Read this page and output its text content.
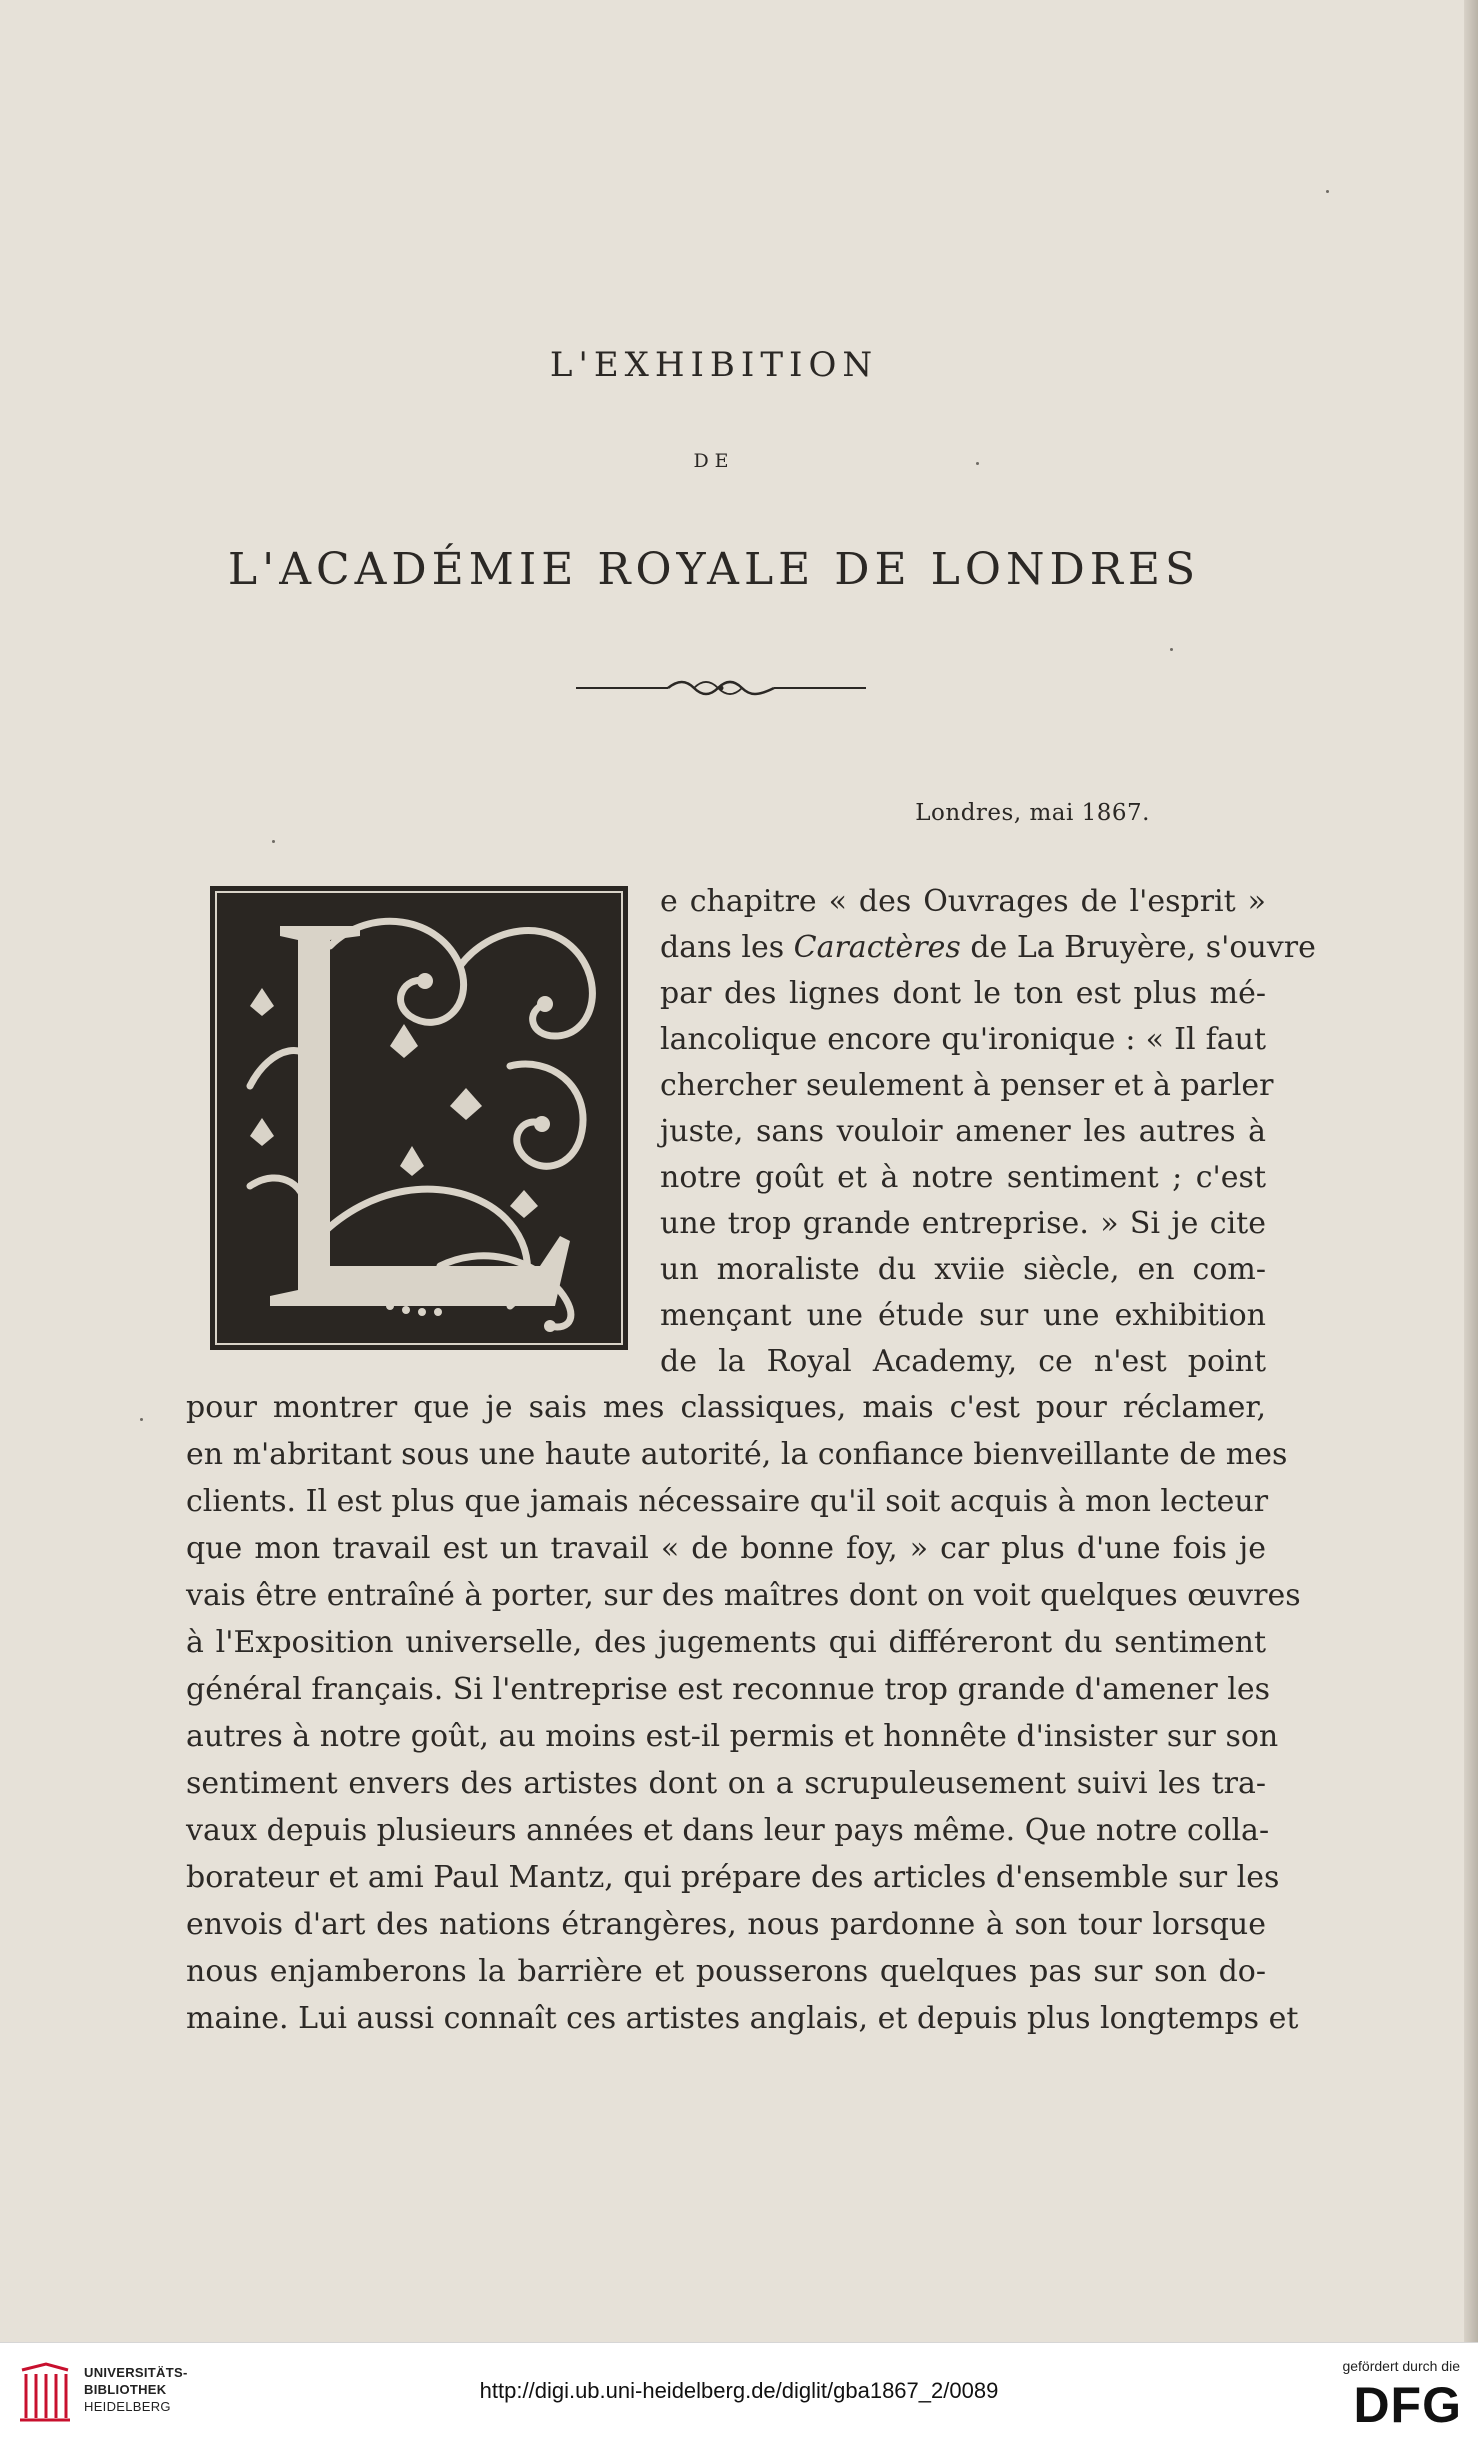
L'EXHIBITION
DE
L'ACADÉMIE ROYALE DE LONDRES
Londres, mai 1867.
e chapitre « des Ouvrages de l'esprit »
dans les Caractères de La Bruyère, s'ouvre
par des lignes dont le ton est plus mé-
lancolique encore qu'ironique : « Il faut
chercher seulement à penser et à parler
juste, sans vouloir amener les autres à
notre goût et à notre sentiment ; c'est
une trop grande entreprise. » Si je cite
un moraliste du xviie siècle, en com-
mençant une étude sur une exhibition
de la Royal Academy, ce n'est point
pour montrer que je sais mes classiques, mais c'est pour réclamer,
en m'abritant sous une haute autorité, la confiance bienveillante de mes
clients. Il est plus que jamais nécessaire qu'il soit acquis à mon lecteur
que mon travail est un travail « de bonne foy, » car plus d'une fois je
vais être entraîné à porter, sur des maîtres dont on voit quelques œuvres
à l'Exposition universelle, des jugements qui différeront du sentiment
général français. Si l'entreprise est reconnue trop grande d'amener les
autres à notre goût, au moins est-il permis et honnête d'insister sur son
sentiment envers des artistes dont on a scrupuleusement suivi les tra-
vaux depuis plusieurs années et dans leur pays même. Que notre colla-
borateur et ami Paul Mantz, qui prépare des articles d'ensemble sur les
envois d'art des nations étrangères, nous pardonne à son tour lorsque
nous enjamberons la barrière et pousserons quelques pas sur son do-
maine. Lui aussi connaît ces artistes anglais, et depuis plus longtemps et
UNIVERSITÄTS-
BIBLIOTHEK
HEIDELBERG
http://digi.ub.uni-heidelberg.de/diglit/gba1867_2/0089
gefördert durch die
DFG
